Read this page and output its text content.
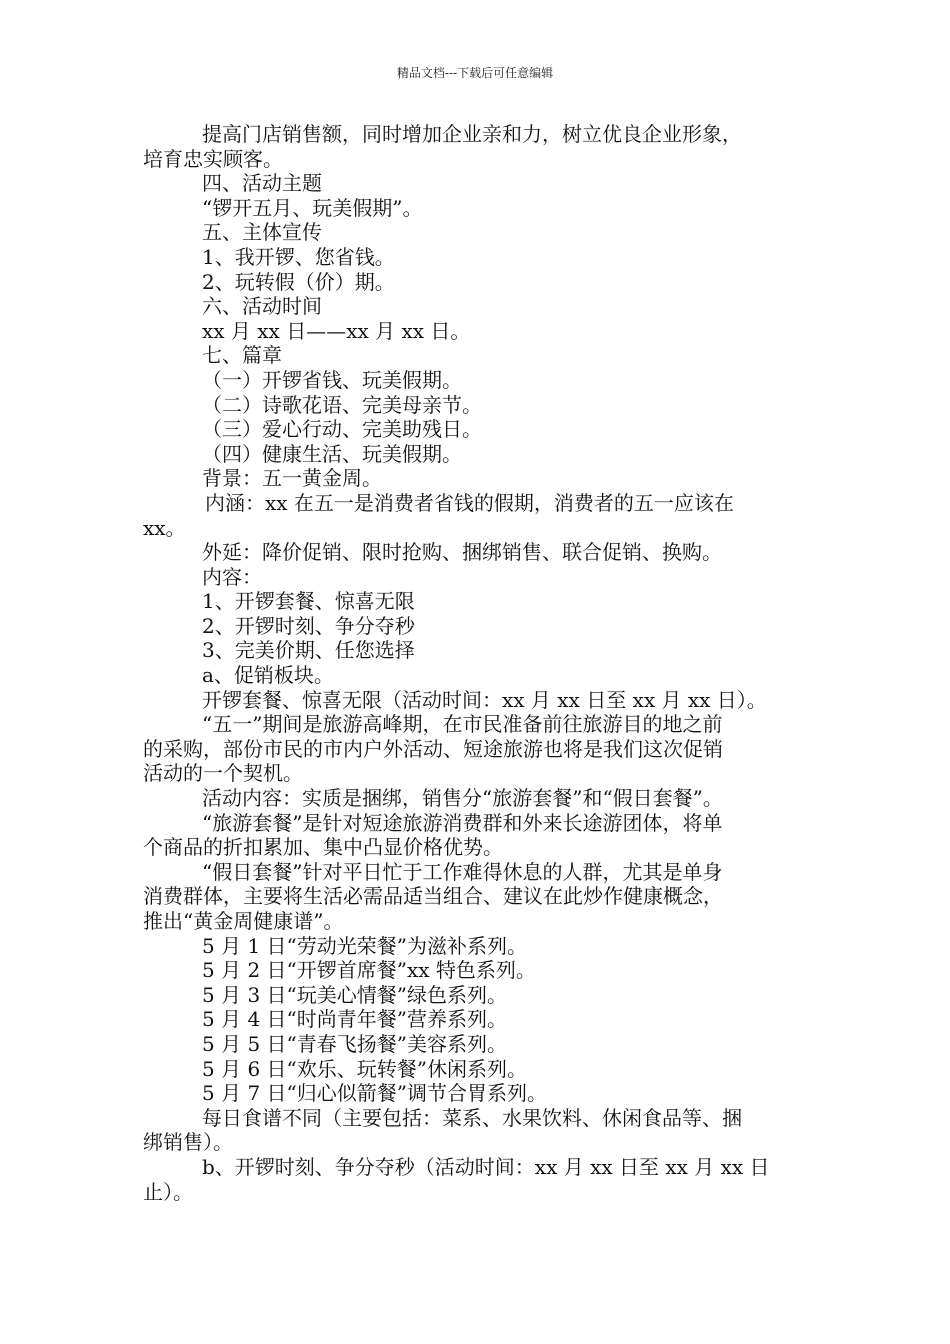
精品文档---下载后可任意编辑
提高门店销售额，同时增加企业亲和力，树立优良企业形象，
培育忠实顾客。
四、活动主题
“锣开五月、玩美假期”。
五、主体宣传
1、我开锣、您省钱。
2、玩转假（价）期。
六、活动时间
xx 月 xx 日——xx 月 xx 日。
七、篇章
（一）开锣省钱、玩美假期。
（二）诗歌花语、完美母亲节。
（三）爱心行动、完美助残日。
（四）健康生活、玩美假期。
背景：五一黄金周。
内涵：xx 在五一是消费者省钱的假期，消费者的五一应该在
xx。
外延：降价促销、限时抢购、捆绑销售、联合促销、换购。
内容：
1、开锣套餐、惊喜无限
2、开锣时刻、争分夺秒
3、完美价期、任您选择
a、促销板块。
开锣套餐、惊喜无限（活动时间：xx 月 xx 日至 xx 月 xx 日）。
“五一”期间是旅游高峰期，在市民准备前往旅游目的地之前
的采购，部份市民的市内户外活动、短途旅游也将是我们这次促销
活动的一个契机。
活动内容：实质是捆绑，销售分“旅游套餐”和“假日套餐”。
“旅游套餐”是针对短途旅游消费群和外来长途游团体，将单
个商品的折扣累加、集中凸显价格优势。
“假日套餐”针对平日忙于工作难得休息的人群，尤其是单身
消费群体，主要将生活必需品适当组合、建议在此炒作健康概念，
推出“黄金周健康谱”。
5 月 1 日“劳动光荣餐”为滋补系列。
5 月 2 日“开锣首席餐”xx 特色系列。
5 月 3 日“玩美心情餐”绿色系列。
5 月 4 日“时尚青年餐”营养系列。
5 月 5 日“青春飞扬餐”美容系列。
5 月 6 日“欢乐、玩转餐”休闲系列。
5 月 7 日“归心似箭餐”调节合胃系列。
每日食谱不同（主要包括：菜系、水果饮料、休闲食品等、捆
绑销售）。
b、开锣时刻、争分夺秒（活动时间：xx 月 xx 日至 xx 月 xx 日
止）。
